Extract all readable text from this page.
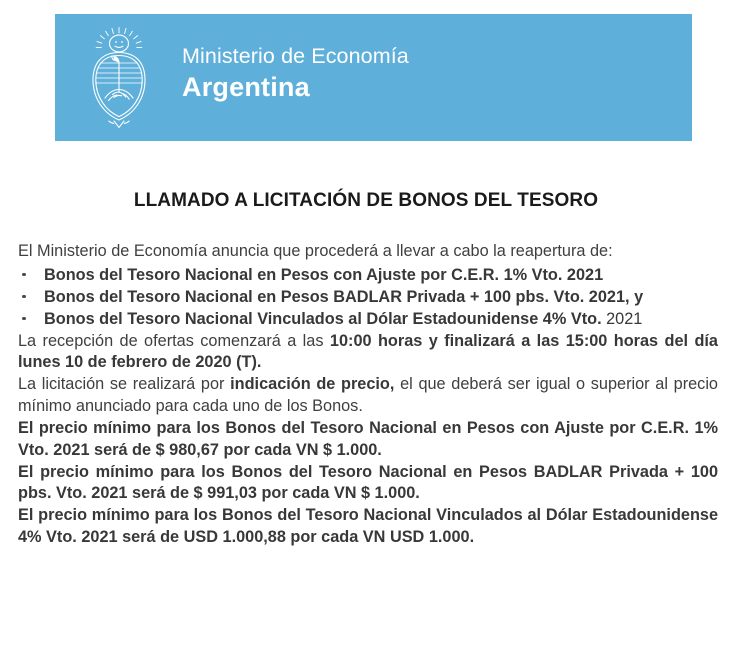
Ministerio de Economía
Argentina
LLAMADO A LICITACIÓN DE BONOS DEL TESORO

El Ministerio de Economía anuncia que procederá a llevar a cabo la reapertura de:

Bonos del Tesoro Nacional en Pesos con Ajuste por C.E.R. 1% Vto. 2021
Bonos del Tesoro Nacional en Pesos BADLAR Privada + 100 pbs. Vto. 2021, y
Bonos del Tesoro Nacional Vinculados al Dólar Estadounidense 4% Vto. 2021

La recepción de ofertas comenzará a las 10:00 horas y finalizará a las 15:00 horas del día lunes 10 de febrero de 2020 (T).

La licitación se realizará por indicación de precio, el que deberá ser igual o superior al precio mínimo anunciado para cada uno de los Bonos.

El precio mínimo para los Bonos del Tesoro Nacional en Pesos con Ajuste por C.E.R. 1% Vto. 2021 será de $ 980,67 por cada VN $ 1.000.

El precio mínimo para los Bonos del Tesoro Nacional en Pesos BADLAR Privada + 100 pbs. Vto. 2021 será de $ 991,03 por cada VN $ 1.000.

El precio mínimo para los Bonos del Tesoro Nacional Vinculados al Dólar Estadounidense 4% Vto. 2021 será de USD 1.000,88 por cada VN USD 1.000.
